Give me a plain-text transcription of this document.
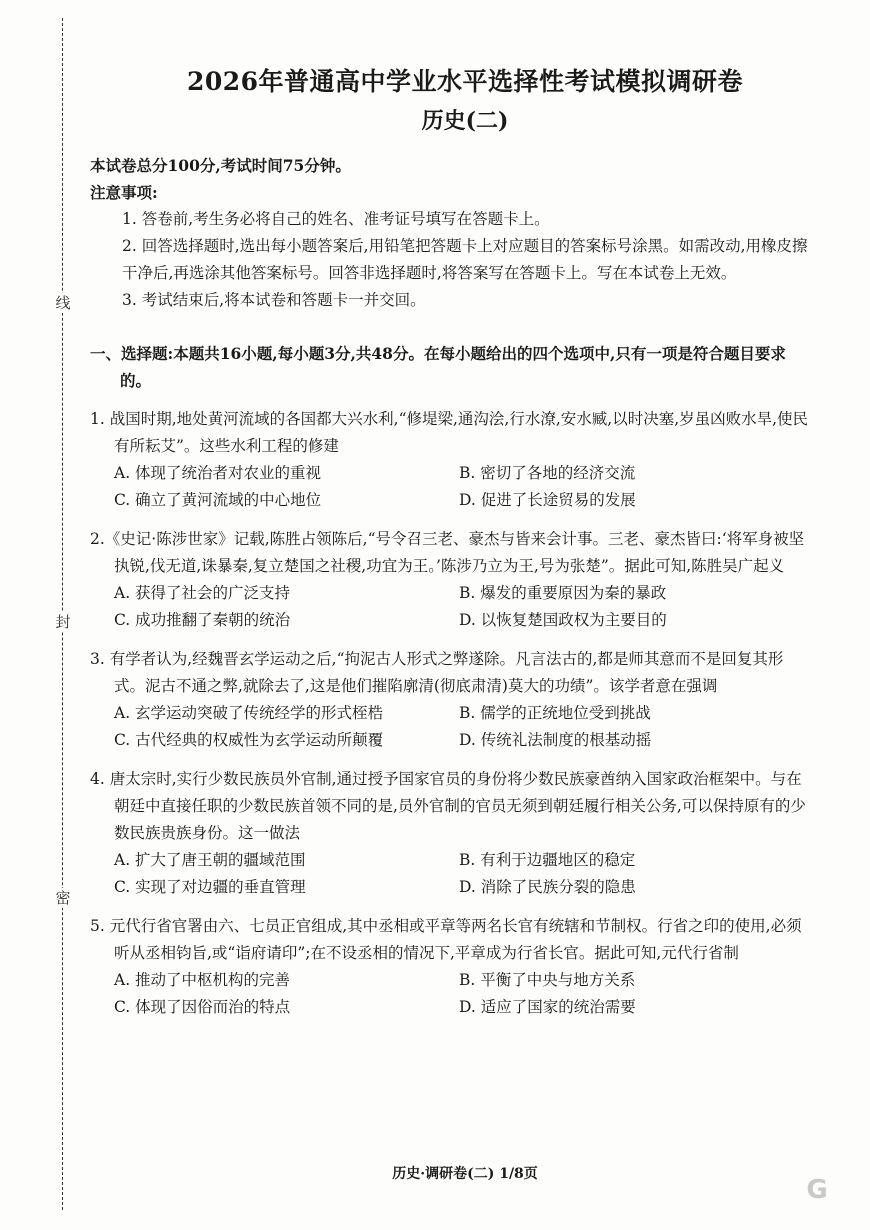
线
封
密
2026年普通高中学业水平选择性考试模拟调研卷
历史(二)

本试卷总分100分,考试时间75分钟。

注意事项:

1. 答卷前,考生务必将自己的姓名、准考证号填写在答题卡上。

2. 回答选择题时,选出每小题答案后,用铅笔把答题卡上对应题目的答案标号涂黑。如需改动,用橡皮擦干净后,再选涂其他答案标号。回答非选择题时,将答案写在答题卡上。写在本试卷上无效。

3. 考试结束后,将本试卷和答题卡一并交回。

一、选择题:本题共16小题,每小题3分,共48分。在每小题给出的四个选项中,只有一项是符合题目要求的。

1. 战国时期,地处黄河流域的各国都大兴水利,“修堤梁,通沟浍,行水潦,安水臧,以时决塞,岁虽凶败水旱,使民有所耘艾”。这些水利工程的修建

A. 体现了统治者对农业的重视	B. 密切了各地的经济交流
C. 确立了黄河流域的中心地位	D. 促进了长途贸易的发展

2.《史记·陈涉世家》记载,陈胜占领陈后,“号令召三老、豪杰与皆来会计事。三老、豪杰皆曰:‘将军身被坚执锐,伐无道,诛暴秦,复立楚国之社稷,功宜为王。’陈涉乃立为王,号为张楚”。据此可知,陈胜吴广起义

A. 获得了社会的广泛支持	B. 爆发的重要原因为秦的暴政
C. 成功推翻了秦朝的统治	D. 以恢复楚国政权为主要目的

3. 有学者认为,经魏晋玄学运动之后,“拘泥古人形式之弊遂除。凡言法古的,都是师其意而不是回复其形式。泥古不通之弊,就除去了,这是他们摧陷廓清(彻底肃清)莫大的功绩”。该学者意在强调

A. 玄学运动突破了传统经学的形式桎梏	B. 儒学的正统地位受到挑战
C. 古代经典的权威性为玄学运动所颠覆	D. 传统礼法制度的根基动摇

4. 唐太宗时,实行少数民族员外官制,通过授予国家官员的身份将少数民族豪酋纳入国家政治框架中。与在朝廷中直接任职的少数民族首领不同的是,员外官制的官员无须到朝廷履行相关公务,可以保持原有的少数民族贵族身份。这一做法

A. 扩大了唐王朝的疆域范围	B. 有利于边疆地区的稳定
C. 实现了对边疆的垂直管理	D. 消除了民族分裂的隐患

5. 元代行省官署由六、七员正官组成,其中丞相或平章等两名长官有统辖和节制权。行省之印的使用,必须听从丞相钧旨,或“诣府请印”;在不设丞相的情况下,平章成为行省长官。据此可知,元代行省制

A. 推动了中枢机构的完善	B. 平衡了中央与地方关系
C. 体现了因俗而治的特点	D. 适应了国家的统治需要
历史·调研卷(二) 1/8页
G
